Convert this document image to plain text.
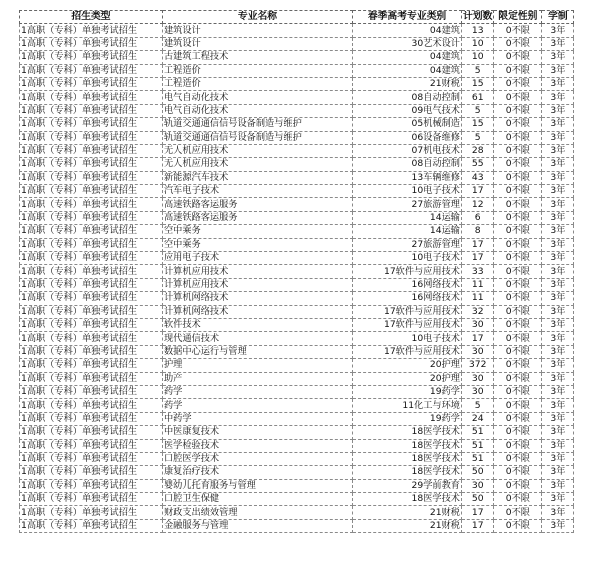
招生类型	专业名称	春季高考专业类别	计划数	限定性别	学制
1高职（专科）单独考试招生	建筑设计	04建筑	13	0不限	3年
1高职（专科）单独考试招生	建筑设计	30艺术设计	10	0不限	3年
1高职（专科）单独考试招生	古建筑工程技术	04建筑	10	0不限	3年
1高职（专科）单独考试招生	工程造价	04建筑	5	0不限	3年
1高职（专科）单独考试招生	工程造价	21财税	15	0不限	3年
1高职（专科）单独考试招生	电气自动化技术	08自动控制	61	0不限	3年
1高职（专科）单独考试招生	电气自动化技术	09电气技术	5	0不限	3年
1高职（专科）单独考试招生	轨道交通通信信号设备制造与维护	05机械制造	15	0不限	3年
1高职（专科）单独考试招生	轨道交通通信信号设备制造与维护	06设备维修	5	0不限	3年
1高职（专科）单独考试招生	无人机应用技术	07机电技术	28	0不限	3年
1高职（专科）单独考试招生	无人机应用技术	08自动控制	55	0不限	3年
1高职（专科）单独考试招生	新能源汽车技术	13车辆维修	43	0不限	3年
1高职（专科）单独考试招生	汽车电子技术	10电子技术	17	0不限	3年
1高职（专科）单独考试招生	高速铁路客运服务	27旅游管理	12	0不限	3年
1高职（专科）单独考试招生	高速铁路客运服务	14运输	6	0不限	3年
1高职（专科）单独考试招生	空中乘务	14运输	8	0不限	3年
1高职（专科）单独考试招生	空中乘务	27旅游管理	17	0不限	3年
1高职（专科）单独考试招生	应用电子技术	10电子技术	17	0不限	3年
1高职（专科）单独考试招生	计算机应用技术	17软件与应用技术	33	0不限	3年
1高职（专科）单独考试招生	计算机应用技术	16网络技术	11	0不限	3年
1高职（专科）单独考试招生	计算机网络技术	16网络技术	11	0不限	3年
1高职（专科）单独考试招生	计算机网络技术	17软件与应用技术	32	0不限	3年
1高职（专科）单独考试招生	软件技术	17软件与应用技术	30	0不限	3年
1高职（专科）单独考试招生	现代通信技术	10电子技术	17	0不限	3年
1高职（专科）单独考试招生	数据中心运行与管理	17软件与应用技术	30	0不限	3年
1高职（专科）单独考试招生	护理	20护理	372	0不限	3年
1高职（专科）单独考试招生	助产	20护理	30	0不限	3年
1高职（专科）单独考试招生	药学	19药学	30	0不限	3年
1高职（专科）单独考试招生	药学	11化工与环境	5	0不限	3年
1高职（专科）单独考试招生	中药学	19药学	24	0不限	3年
1高职（专科）单独考试招生	中医康复技术	18医学技术	51	0不限	3年
1高职（专科）单独考试招生	医学检验技术	18医学技术	51	0不限	3年
1高职（专科）单独考试招生	口腔医学技术	18医学技术	51	0不限	3年
1高职（专科）单独考试招生	康复治疗技术	18医学技术	50	0不限	3年
1高职（专科）单独考试招生	婴幼儿托育服务与管理	29学前教育	30	0不限	3年
1高职（专科）单独考试招生	口腔卫生保健	18医学技术	50	0不限	3年
1高职（专科）单独考试招生	财政支出绩效管理	21财税	17	0不限	3年
1高职（专科）单独考试招生	金融服务与管理	21财税	17	0不限	3年
